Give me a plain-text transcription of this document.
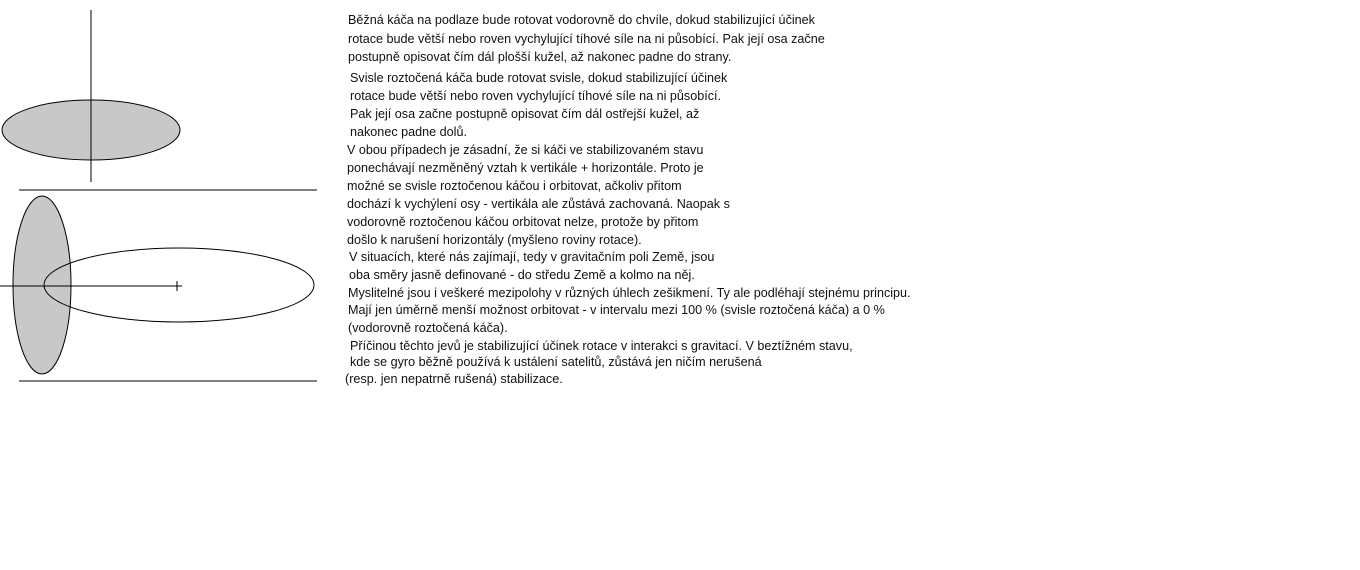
Běžná káča na podlaze bude rotovat vodorovně do chvíle, dokud stabilizující účinek

rotace bude větší nebo roven vychylující tíhové síle na ni působící. Pak její osa začne

postupně opisovat čím dál plošší kužel, až nakonec padne do strany.

Svisle roztočená káča bude rotovat svisle, dokud stabilizující účinek

rotace bude větší nebo roven vychylující tíhové síle na ni působící.

Pak její osa začne postupně opisovat čím dál ostřejší kužel, až

nakonec padne dolů.

V obou případech je zásadní, že si káči ve stabilizovaném stavu

ponechávají nezměněný vztah k vertikále + horizontále. Proto je

možné se svisle roztočenou káčou i orbitovat, ačkoliv přitom

dochází k vychýlení osy - vertikála ale zůstává zachovaná. Naopak s

vodorovně roztočenou káčou orbitovat nelze, protože by přitom

došlo k narušení horizontály (myšleno roviny rotace).

V situacích, které nás zajímají, tedy v gravitačním poli Země, jsou

oba směry jasně definované - do středu Země a kolmo na něj.

Myslitelné jsou i veškeré mezipolohy v různých úhlech zešikmení. Ty ale podléhají stejnému principu.

Mají jen úměrně menší možnost orbitovat - v intervalu mezi 100 % (svisle roztočená káča) a 0 %

(vodorovně roztočená káča).

Příčinou těchto jevů je stabilizující účinek rotace v interakci s gravitací. V beztížném stavu,

kde se gyro běžně používá k ustálení satelitů, zůstává jen ničím nerušená

(resp. jen nepatrně rušená) stabilizace.
